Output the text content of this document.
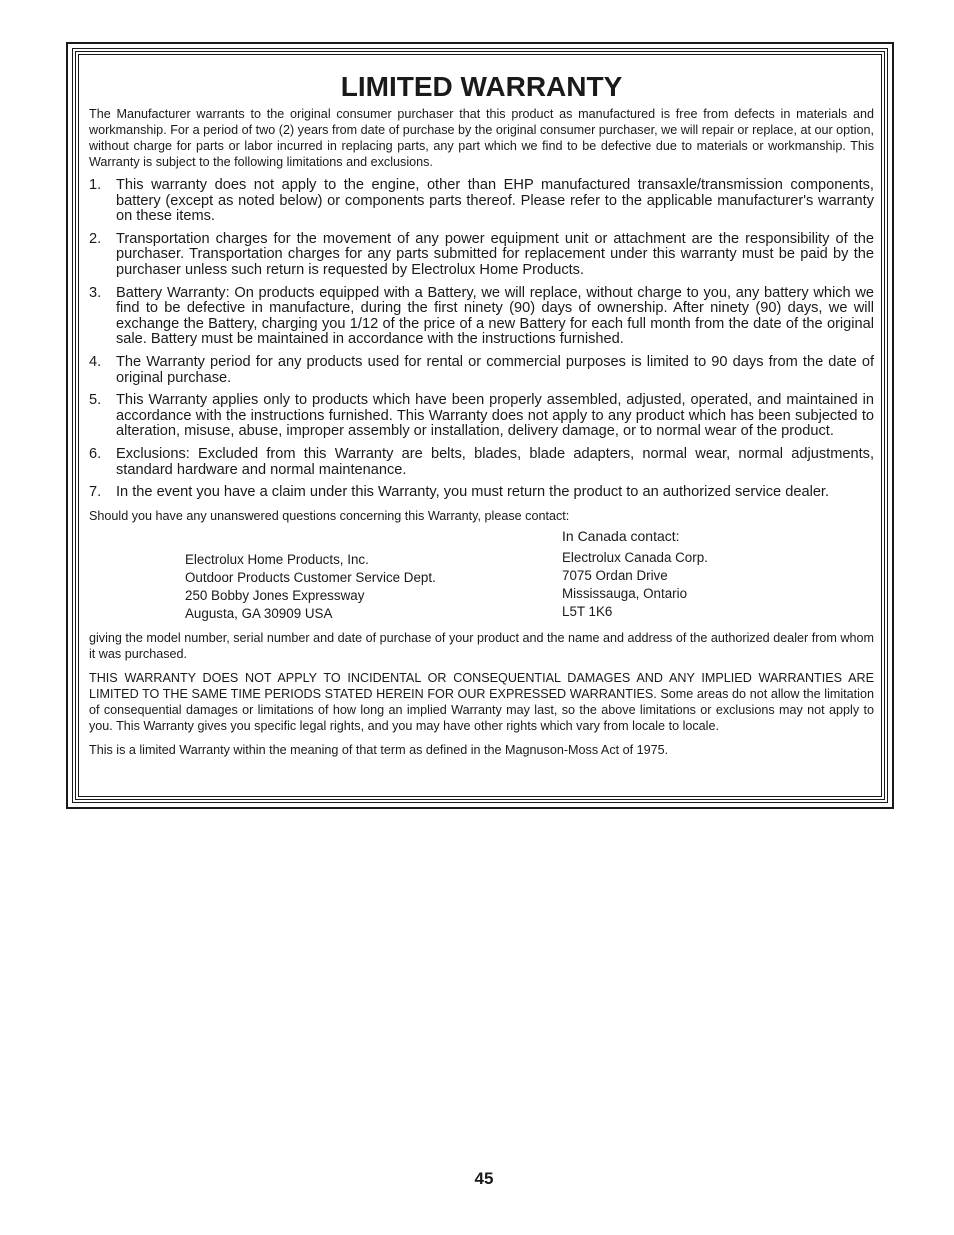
LIMITED WARRANTY

The Manufacturer warrants to the original consumer purchaser that this product as manufactured is free from defects in materials and workmanship. For a period of two (2) years from date of purchase by the original consumer purchaser, we will repair or replace, at our option, without charge for parts or labor incurred in replacing parts, any part which we find to be defective due to materials or workmanship. This Warranty is subject to the following limitations and exclusions.

1. This warranty does not apply to the engine, other than EHP manufactured transaxle/transmission components, battery (except as noted below) or components parts thereof. Please refer to the applicable manufacturer's warranty on these items.
2. Transportation charges for the movement of any power equipment unit or attachment are the responsibility of the purchaser. Transportation charges for any parts submitted for replacement under this warranty must be paid by the purchaser unless such return is requested by Electrolux Home Products.
3. Battery Warranty: On products equipped with a Battery, we will replace, without charge to you, any battery which we find to be defective in manufacture, during the first ninety (90) days of ownership. After ninety (90) days, we will exchange the Battery, charging you 1/12 of the price of a new Battery for each full month from the date of the original sale. Battery must be maintained in accordance with the instructions furnished.
4. The Warranty period for any products used for rental or commercial purposes is limited to 90 days from the date of original purchase.
5. This Warranty applies only to products which have been properly assembled, adjusted, operated, and maintained in accordance with the instructions furnished. This Warranty does not apply to any product which has been subjected to alteration, misuse, abuse, improper assembly or installation, delivery damage, or to normal wear of the product.
6. Exclusions: Excluded from this Warranty are belts, blades, blade adapters, normal wear, normal adjustments, standard hardware and normal maintenance.
7. In the event you have a claim under this Warranty, you must return the product to an authorized service dealer.

Should you have any unanswered questions concerning this Warranty, please contact:

In Canada contact:
Electrolux Home Products, Inc.
Outdoor Products Customer Service Dept.
250 Bobby Jones Expressway
Augusta, GA 30909 USA
Electrolux Canada Corp.
7075 Ordan Drive
Mississauga, Ontario
L5T 1K6

giving the model number, serial number and date of purchase of your product and the name and address of the authorized dealer from whom it was purchased.

THIS WARRANTY DOES NOT APPLY TO INCIDENTAL OR CONSEQUENTIAL DAMAGES AND ANY IMPLIED WARRANTIES ARE LIMITED TO THE SAME TIME PERIODS STATED HEREIN FOR OUR EXPRESSED WARRANTIES. Some areas do not allow the limitation of consequential damages or limitations of how long an implied Warranty may last, so the above limitations or exclusions may not apply to you. This Warranty gives you specific legal rights, and you may have other rights which vary from locale to locale.

This is a limited Warranty within the meaning of that term as defined in the Magnuson-Moss Act of 1975.

45
